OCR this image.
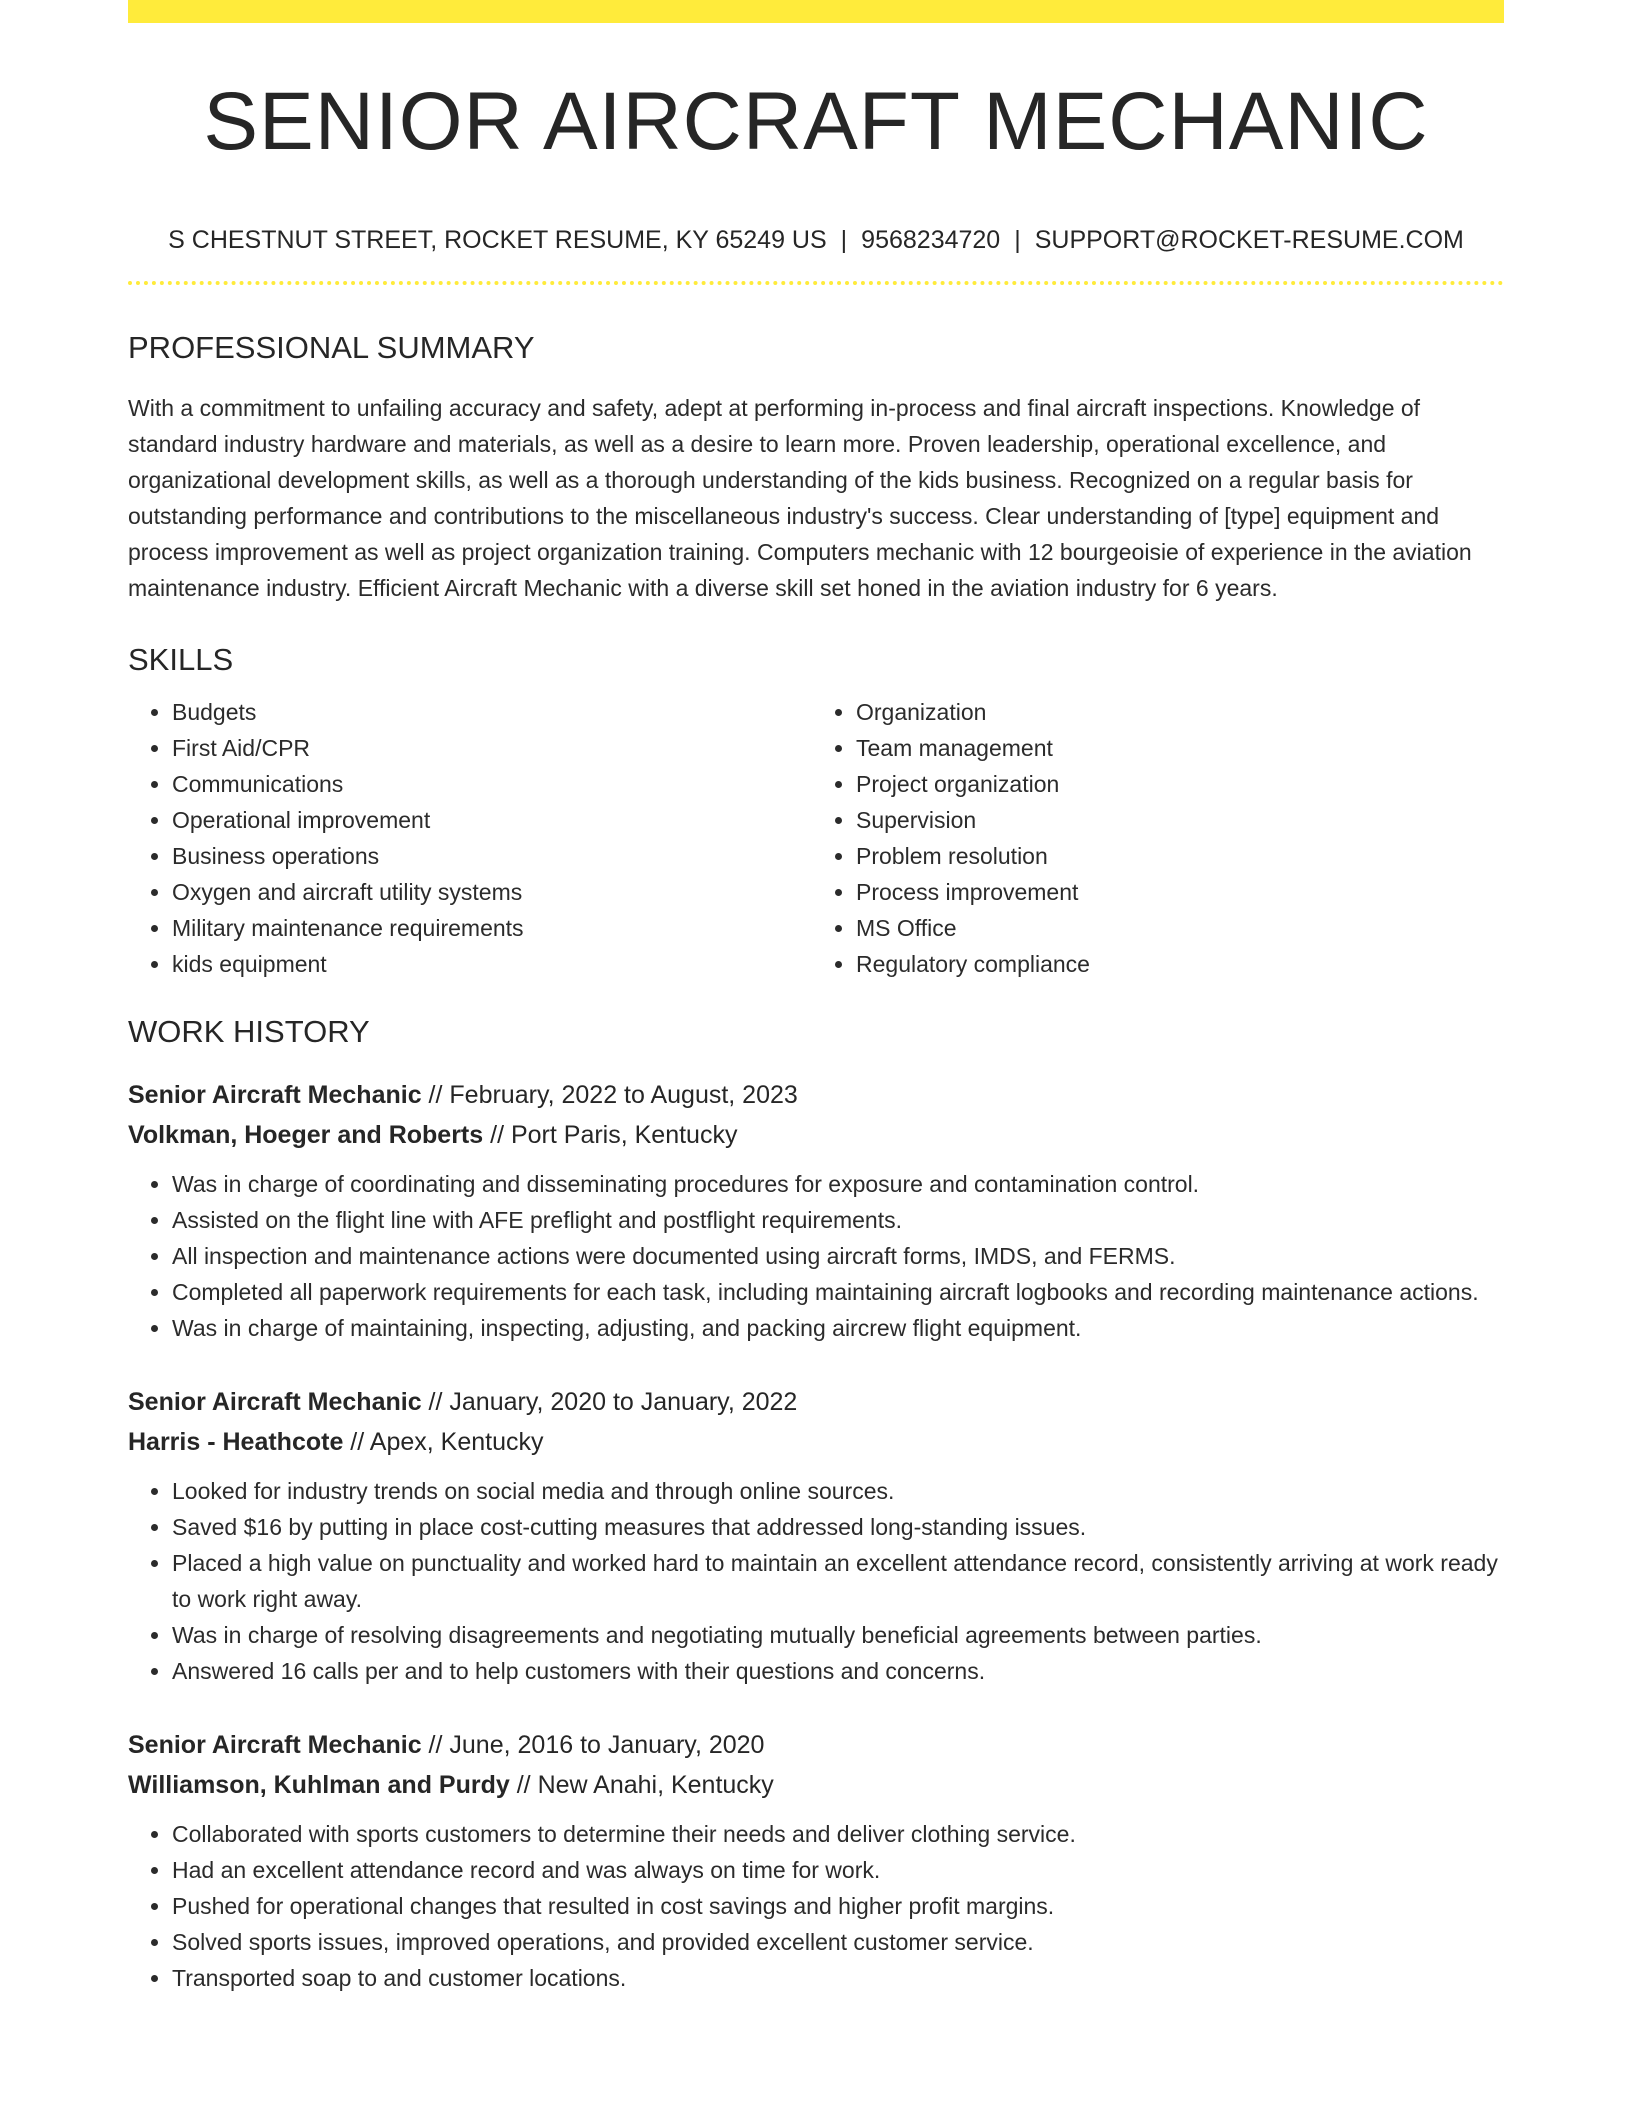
SENIOR AIRCRAFT MECHANIC
S CHESTNUT STREET, ROCKET RESUME, KY 65249 US | 9568234720 | SUPPORT@ROCKET-RESUME.COM
PROFESSIONAL SUMMARY

With a commitment to unfailing accuracy and safety, adept at performing in-process and final aircraft inspections. Knowledge of standard industry hardware and materials, as well as a desire to learn more. Proven leadership, operational excellence, and organizational development skills, as well as a thorough understanding of the kids business. Recognized on a regular basis for outstanding performance and contributions to the miscellaneous industry's success. Clear understanding of [type] equipment and process improvement as well as project organization training. Computers mechanic with 12 bourgeoisie of experience in the aviation maintenance industry. Efficient Aircraft Mechanic with a diverse skill set honed in the aviation industry for 6 years.

SKILLS
• Budgets
• First Aid/CPR
• Communications
• Operational improvement
• Business operations
• Oxygen and aircraft utility systems
• Military maintenance requirements
• kids equipment
• Organization
• Team management
• Project organization
• Supervision
• Problem resolution
• Process improvement
• MS Office
• Regulatory compliance
WORK HISTORY
Senior Aircraft Mechanic // February, 2022 to August, 2023
Volkman, Hoeger and Roberts // Port Paris, Kentucky
• Was in charge of coordinating and disseminating procedures for exposure and contamination control.
• Assisted on the flight line with AFE preflight and postflight requirements.
• All inspection and maintenance actions were documented using aircraft forms, IMDS, and FERMS.
• Completed all paperwork requirements for each task, including maintaining aircraft logbooks and recording maintenance actions.
• Was in charge of maintaining, inspecting, adjusting, and packing aircrew flight equipment.
Senior Aircraft Mechanic // January, 2020 to January, 2022
Harris - Heathcote // Apex, Kentucky
• Looked for industry trends on social media and through online sources.
• Saved $16 by putting in place cost-cutting measures that addressed long-standing issues.
• Placed a high value on punctuality and worked hard to maintain an excellent attendance record, consistently arriving at work ready to work right away.
• Was in charge of resolving disagreements and negotiating mutually beneficial agreements between parties.
• Answered 16 calls per and to help customers with their questions and concerns.
Senior Aircraft Mechanic // June, 2016 to January, 2020
Williamson, Kuhlman and Purdy // New Anahi, Kentucky
• Collaborated with sports customers to determine their needs and deliver clothing service.
• Had an excellent attendance record and was always on time for work.
• Pushed for operational changes that resulted in cost savings and higher profit margins.
• Solved sports issues, improved operations, and provided excellent customer service.
• Transported soap to and customer locations.
